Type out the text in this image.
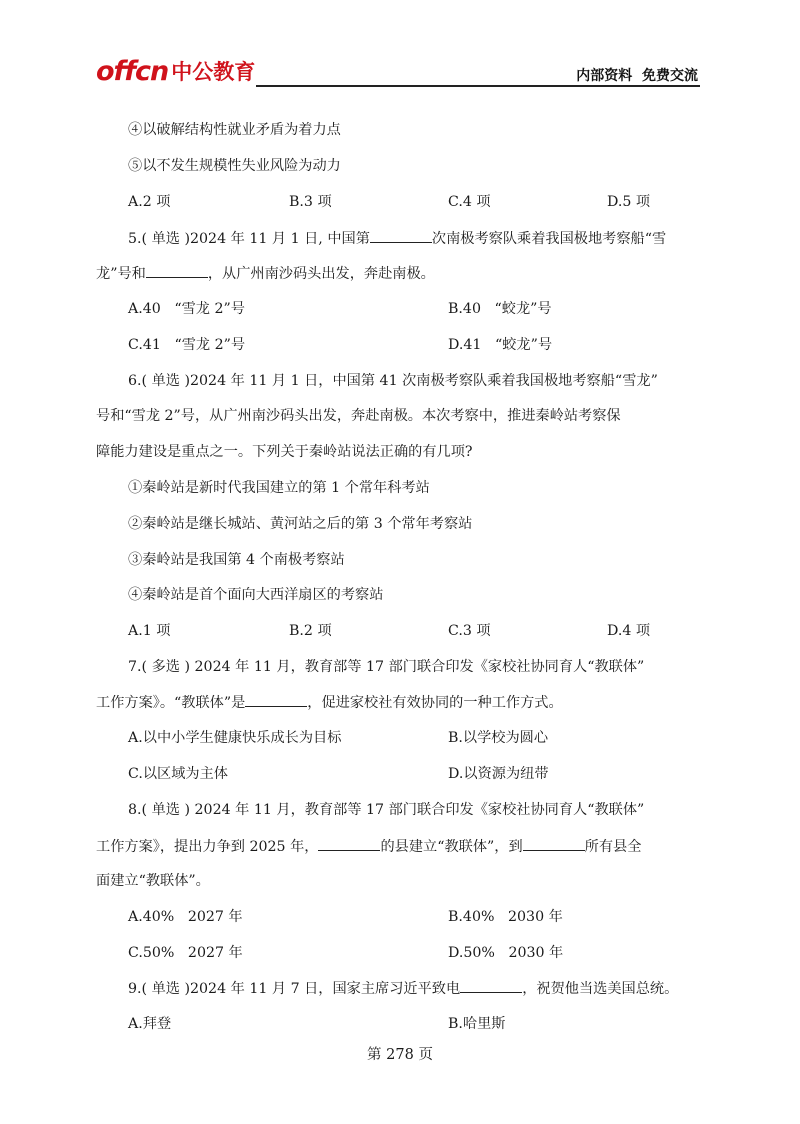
offcn 中公教育	内部资料  免费交流
④以破解结构性就业矛盾为着力点
⑤以不发生规模性失业风险为动力
A.2 项	B.3 项	C.4 项	D.5 项
5.( 单选 )2024 年 11 月 1 日, 中国第	次南极考察队乘着我国极地考察船“雪
龙”号和	，从广州南沙码头出发，奔赴南极。
A.40   “雪龙 2”号	B.40   “蛟龙”号
C.41   “雪龙 2”号	D.41   “蛟龙”号
6.( 单选 )2024 年 11 月 1 日，中国第 41 次南极考察队乘着我国极地考察船“雪龙”
号和“雪龙 2”号，从广州南沙码头出发，奔赴南极。本次考察中，推进秦岭站考察保
障能力建设是重点之一。下列关于秦岭站说法正确的有几项?
①秦岭站是新时代我国建立的第 1 个常年科考站
②秦岭站是继长城站、黄河站之后的第 3 个常年考察站
③秦岭站是我国第 4 个南极考察站
④秦岭站是首个面向大西洋扇区的考察站
A.1 项	B.2 项	C.3 项	D.4 项
7.( 多选 ) 2024 年 11 月，教育部等 17 部门联合印发《家校社协同育人“教联体”
工作方案》。“教联体”是	，促进家校社有效协同的一种工作方式。
A.以中小学生健康快乐成长为目标	B.以学校为圆心
C.以区域为主体	D.以资源为纽带
8.( 单选 ) 2024 年 11 月，教育部等 17 部门联合印发《家校社协同育人“教联体”
工作方案》，提出力争到 2025 年，	的县建立“教联体”，到	所有县全
面建立“教联体”。
A.40%   2027 年	B.40%   2030 年
C.50%   2027 年	D.50%   2030 年
9.( 单选 )2024 年 11 月 7 日，国家主席习近平致电	，祝贺他当选美国总统。
A.拜登	B.哈里斯
第 278 页
